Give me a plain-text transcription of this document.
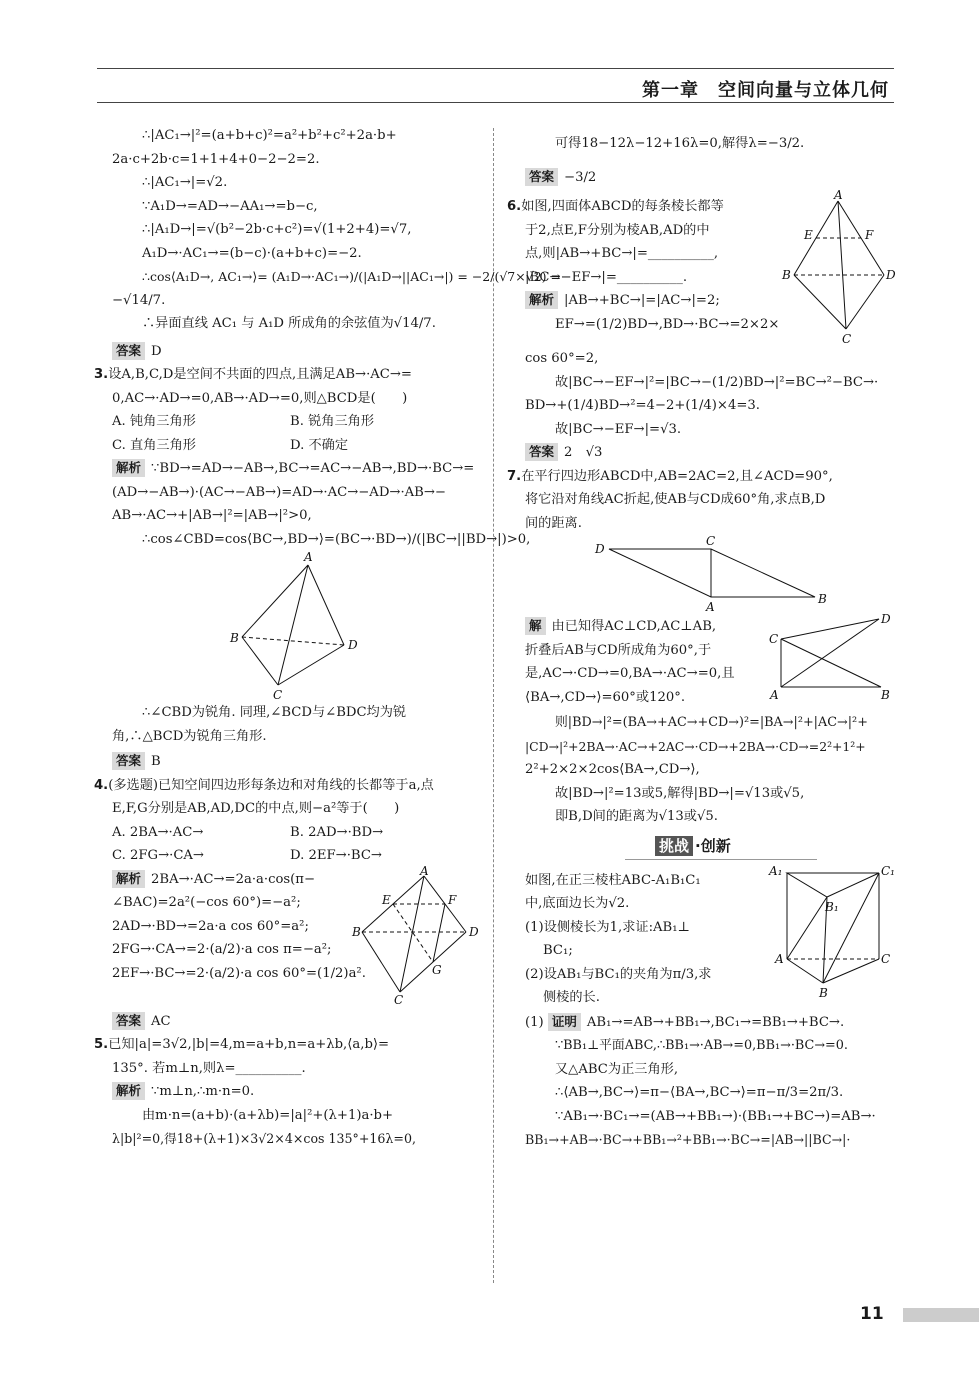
第一章　空间向量与立体几何
∴|AC₁→|²=(a+b+c)²=a²+b²+c²+2a·b+
2a·c+2b·c=1+1+4+0−2−2=2.
∴|AC₁→|=√2.
∵A₁D→=AD→−AA₁→=b−c,
∴|A₁D→|=√(b²−2b·c+c²)=√(1+2+4)=√7,
A₁D→·AC₁→=(b−c)·(a+b+c)=−2.
∴cos⟨A₁D→, AC₁→⟩= (A₁D→·AC₁→)/(|A₁D→||AC₁→|) = −2/(√7×√2) =
−√14/7.
∴异面直线 AC₁ 与 A₁D 所成角的余弦值为√14/7.
答案 D
3.设A,B,C,D是空间不共面的四点,且满足AB→·AC→=
0,AC→·AD→=0,AB→·AD→=0,则△BCD是(　　)
A. 钝角三角形	B. 锐角三角形
C. 直角三角形	D. 不确定
解析 ∵BD→=AD→−AB→,BC→=AC→−AB→,BD→·BC→=
(AD→−AB→)·(AC→−AB→)=AD→·AC→−AD→·AB→−
AB→·AC→+|AB→|²=|AB→|²>0,
∴cos∠CBD=cos⟨BC→,BD→⟩=(BC→·BD→)/(|BC→||BD→|)>0,
A
B
C
D
∴∠CBD为锐角. 同理,∠BCD与∠BDC均为锐
角,∴△BCD为锐角三角形.
答案 B
4.(多选题)已知空间四边形每条边和对角线的长都等于a,点
E,F,G分别是AB,AD,DC的中点,则−a²等于(　　)
A. 2BA→·AC→	B. 2AD→·BD→
C. 2FG→·CA→	D. 2EF→·BC→
解析 2BA→·AC→=2a·a·cos(π−
∠BAC)=2a²(−cos 60°)=−a²;
2AD→·BD→=2a·a cos 60°=a²;
2FG→·CA→=2·(a/2)·a cos π=−a²;
2EF→·BC→=2·(a/2)·a cos 60°=(1/2)a².
A
B
C
D
E	F
G
答案 AC
5.已知|a|=3√2,|b|=4,m=a+b,n=a+λb,⟨a,b⟩=
135°. 若m⊥n,则λ=__________.
解析 ∵m⊥n,∴m·n=0.
由m·n=(a+b)·(a+λb)=|a|²+(λ+1)a·b+
λ|b|²=0,得18+(λ+1)×3√2×4×cos 135°+16λ=0,
可得18−12λ−12+16λ=0,解得λ=−3/2.
答案 −3/2
6.如图,四面体ABCD的每条棱长都等
于2,点E,F分别为棱AB,AD的中
点,则|AB→+BC→|=__________,
|BC→−EF→|=__________.
解析 |AB→+BC→|=|AC→|=2;
EF→=(1/2)BD→,BD→·BC→=2×2×
A
B
C
D
E	F
cos 60°=2,
故|BC→−EF→|²=|BC→−(1/2)BD→|²=BC→²−BC→·
BD→+(1/4)BD→²=4−2+(1/4)×4=3.
故|BC→−EF→|=√3.
答案 2　√3
7.在平行四边形ABCD中,AB=2AC=2,且∠ACD=90°,
将它沿对角线AC折起,使AB与CD成60°角,求点B,D
间的距离.
D
C
A
B
解 由已知得AC⊥CD,AC⊥AB,
折叠后AB与CD所成角为60°,于
是,AC→·CD→=0,BA→·AC→=0,且
⟨BA→,CD→⟩=60°或120°.
D
C
A	B
则|BD→|²=(BA→+AC→+CD→)²=|BA→|²+|AC→|²+
|CD→|²+2BA→·AC→+2AC→·CD→+2BA→·CD→=2²+1²+
2²+2×2×2cos⟨BA→,CD→⟩,
故|BD→|²=13或5,解得|BD→|=√13或√5,
即B,D间的距离为√13或√5.
挑战 ·创新
如图,在正三棱柱ABC-A₁B₁C₁
中,底面边长为√2.
(1)设侧棱长为1,求证:AB₁⊥
BC₁;
(2)设AB₁与BC₁的夹角为π/3,求
侧棱的长.
A₁	C₁
B₁
A	C
B
(1) 证明 AB₁→=AB→+BB₁→,BC₁→=BB₁→+BC→.
∵BB₁⊥平面ABC,∴BB₁→·AB→=0,BB₁→·BC→=0.
又△ABC为正三角形,
∴⟨AB→,BC→⟩=π−⟨BA→,BC→⟩=π−π/3=2π/3.
∵AB₁→·BC₁→=(AB→+BB₁→)·(BB₁→+BC→)=AB→·
BB₁→+AB→·BC→+BB₁→²+BB₁→·BC→=|AB→||BC→|·
11
